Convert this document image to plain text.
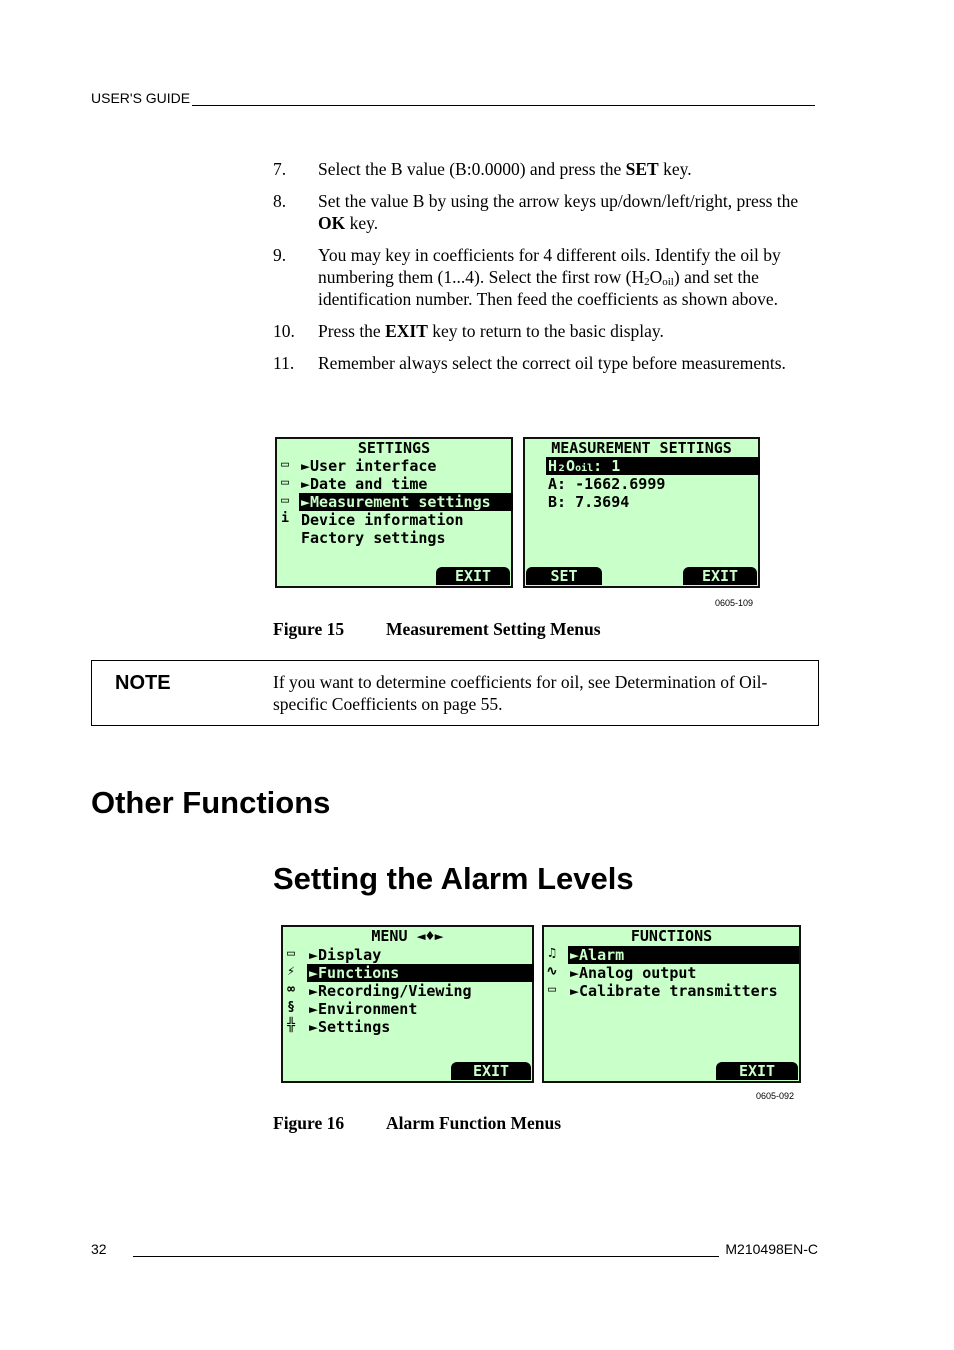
USER'S GUIDE
7.	Select the B value (B:0.0000) and press the SET key.
8.	Set the value B by using the arrow keys up/down/left/right, press the OK key.
9.	You may key in coefficients for 4 different oils. Identify the oil by numbering them (1...4). Select the first row $(H_2O_{oil})$ and set the identification number. Then feed the coefficients as shown above.
10.	Press the EXIT key to return to the basic display.
11.	Remember always select the correct oil type before measurements.
SETTINGS
▭
▭
▭
i
►User interface
►Date and time
►Measurement settings
Device information
Factory settings
EXIT
MEASUREMENT SETTINGS
H₂Ooil: 1
A: -1662.6999
B: 7.3694
SET	EXIT
0605-109
Figure 15 Measurement Setting Menus
NOTE	If you want to determine coefficients for oil, see Determination of Oil-specific Coefficients on page 55.
Other Functions
Setting the Alarm Levels
MENU ◄♦►
▭
⚡
∞
§
╬
►Display
►Functions
►Recording/Viewing
►Environment
►Settings
EXIT
FUNCTIONS
♫
∿
▭
►Alarm
►Analog output
►Calibrate transmitters
EXIT
0605-092
Figure 16 Alarm Function Menus
32	M210498EN-C
